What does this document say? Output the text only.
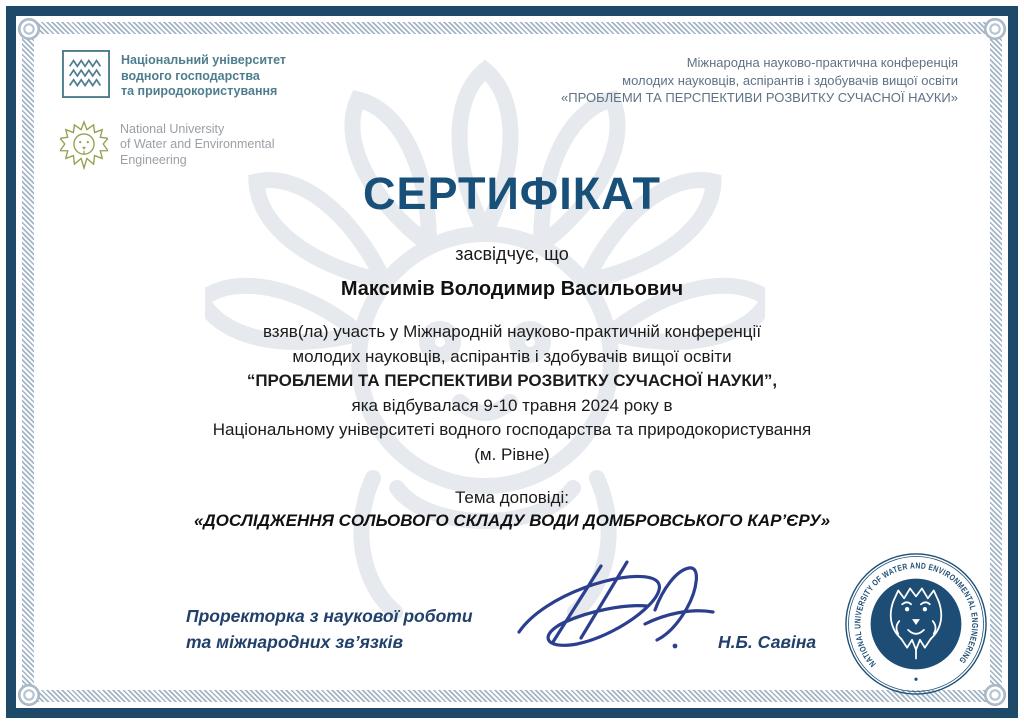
Національний університет
водного господарства
та природокористування
National University
of Water and Environmental
Engineering
Міжнародна науково-практична конференція
молодих науковців, аспірантів і здобувачів вищої освіти
«ПРОБЛЕМИ ТА ПЕРСПЕКТИВИ РОЗВИТКУ СУЧАСНОЇ НАУКИ»
СЕРТИФІКАТ
засвідчує, що
Максимів Володимир Васильович
взяв(ла) участь у Міжнародній науково-практичній конференції
молодих науковців, аспірантів і здобувачів вищої освіти
“ПРОБЛЕМИ ТА ПЕРСПЕКТИВИ РОЗВИТКУ СУЧАСНОЇ НАУКИ”,
яка відбувалася 9-10 травня 2024 року в
Національному університеті водного господарства та природокористування
(м. Рівне)
Тема доповіді:
«ДОСЛІДЖЕННЯ СОЛЬОВОГО СКЛАДУ ВОДИ ДОМБРОВСЬКОГО КАР’ЄРУ»
Проректорка з наукової роботи
та міжнародних зв’язків	Н.Б. Савіна
NATIONAL UNIVERSITY OF WATER AND ENVIRONMENTAL ENGINEERING
